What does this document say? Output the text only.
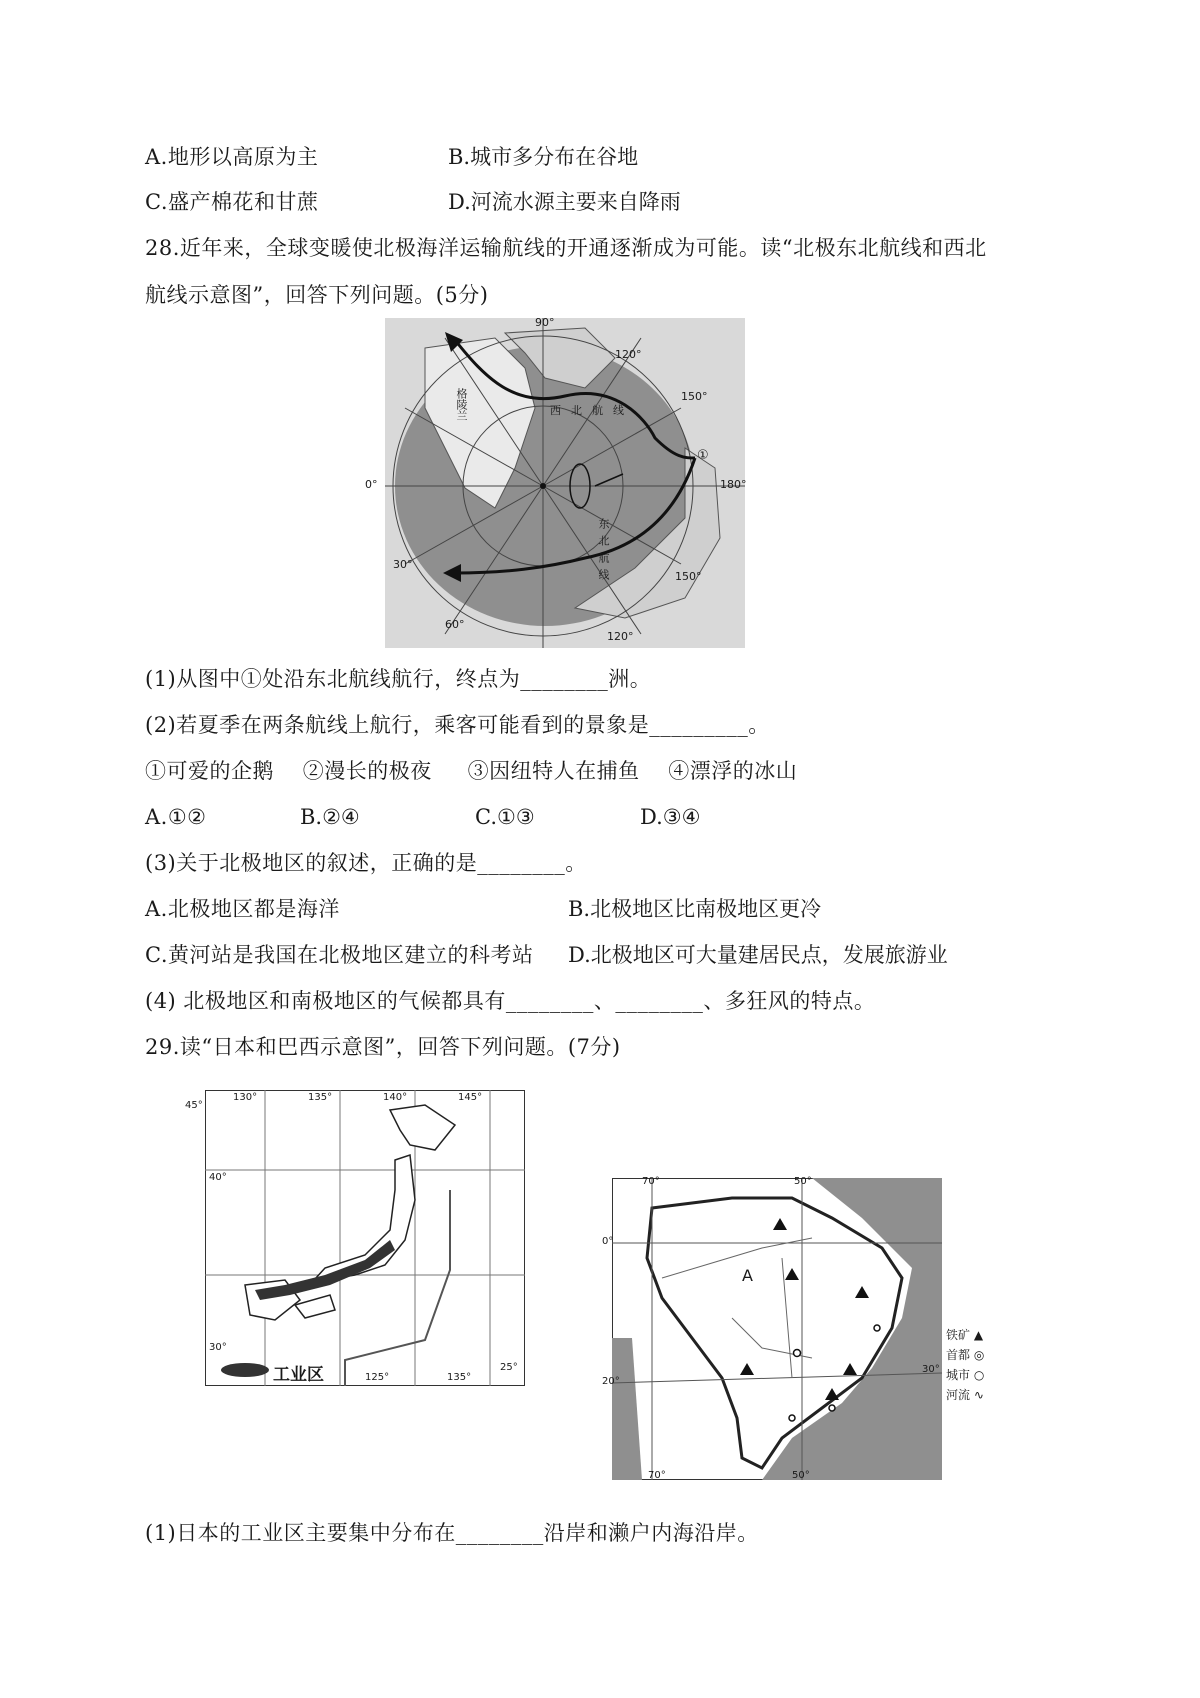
A.地形以高原为主	B.城市多分布在谷地
C.盛产棉花和甘蔗	D.河流水源主要来自降雨
28.近年来，全球变暖使北极海洋运输航线的开通逐渐成为可能。读“北极东北航线和西北
航线示意图”，回答下列问题。(5分)
90°
120°
150°
0°	180°
30°
150°
60°
120°
格陵兰	西北航线
东北航线
①
(1)从图中①处沿东北航线航行，终点为________洲。
(2)若夏季在两条航线上航行，乘客可能看到的景象是_________。
①可爱的企鹅    ②漫长的极夜     ③因纽特人在捕鱼    ④漂浮的冰山
A.①②	B.②④	C.①③	D.③④
(3)关于北极地区的叙述，正确的是________。
A.北极地区都是海洋	B.北极地区比南极地区更冷
C.黄河站是我国在北极地区建立的科考站 D.北极地区可大量建居民点，发展旅游业
(4) 北极地区和南极地区的气候都具有________、________、多狂风的特点。
29.读“日本和巴西示意图”，回答下列问题。(7分)
130°	135°	140°	145°
45°
40°
30°
125°	135°
25°
工业区
70°	50°
0°
20°
30°
70°	50°
A
铁矿 ▲
首都 ◎
城市 ○
河流 ∿
(1)日本的工业区主要集中分布在________沿岸和濑户内海沿岸。
